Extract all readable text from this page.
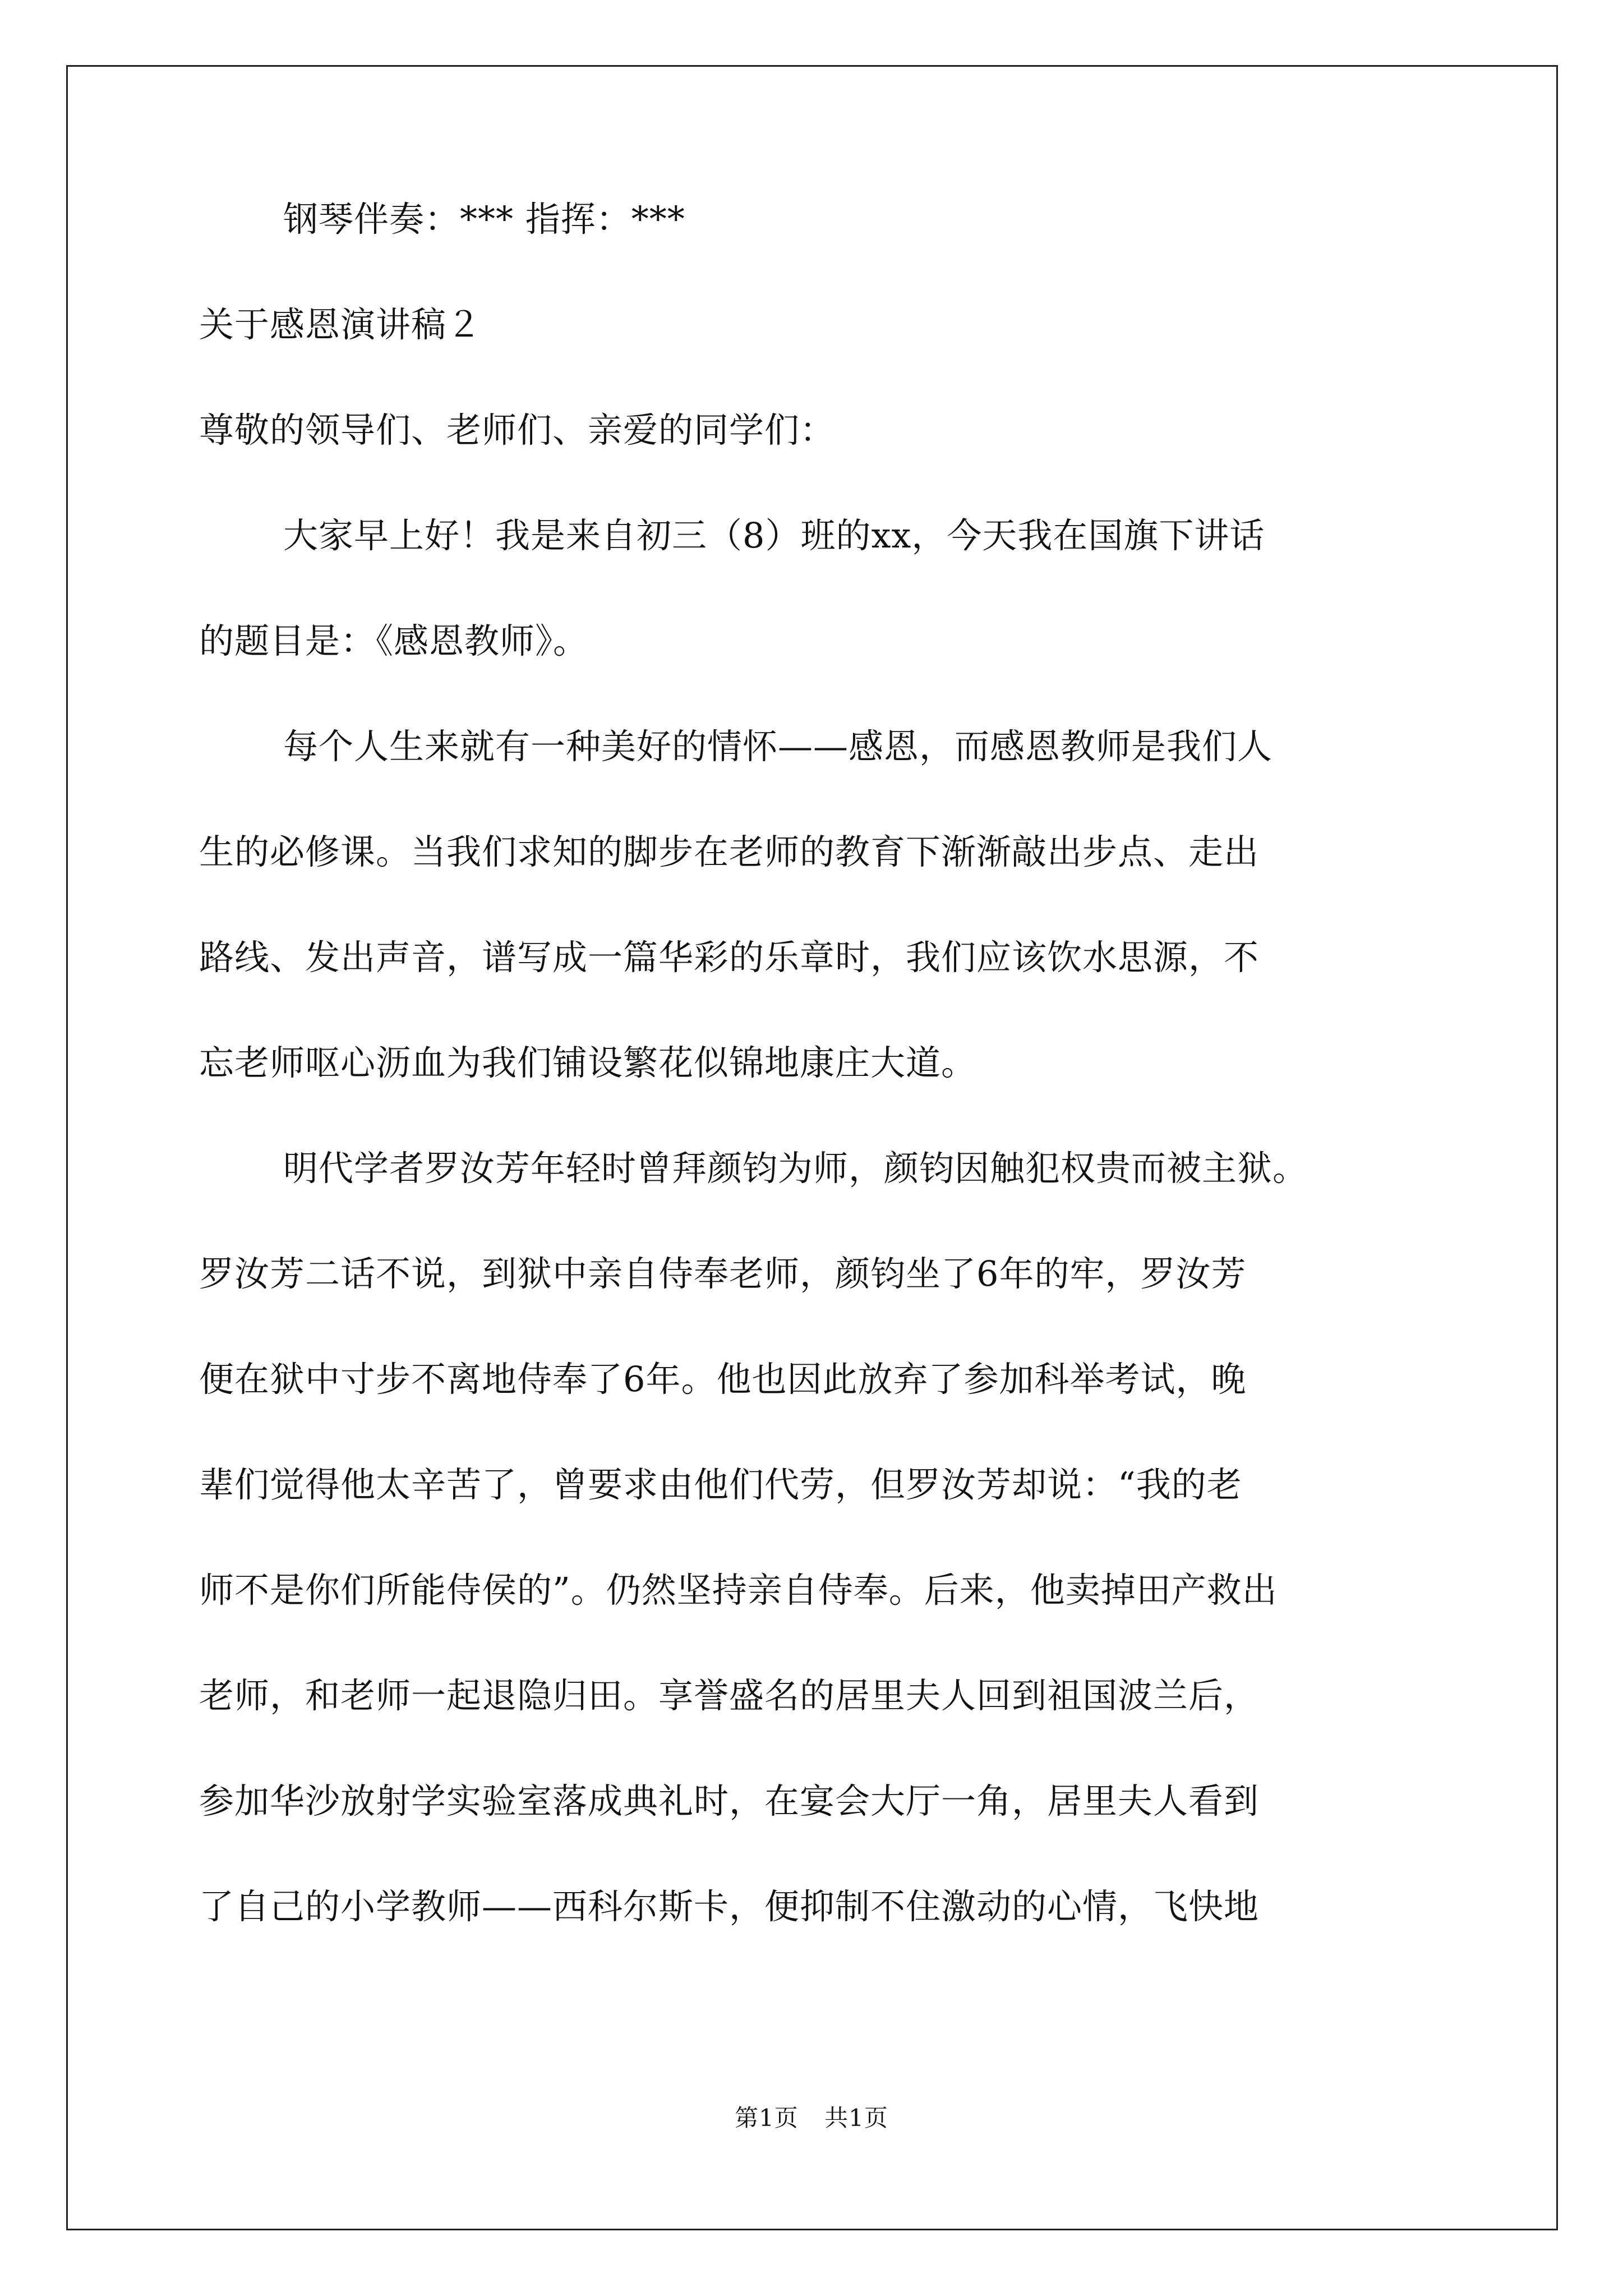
钢琴伴奏：*** 指挥：***

关于感恩演讲稿２

尊敬的领导们、老师们、亲爱的同学们：

大家早上好！我是来自初三（8）班的xx，今天我在国旗下讲话

的题目是：《感恩教师》。

每个人生来就有一种美好的情怀——感恩，而感恩教师是我们人

生的必修课。当我们求知的脚步在老师的教育下渐渐敲出步点、走出

路线、发出声音，谱写成一篇华彩的乐章时，我们应该饮水思源，不

忘老师呕心沥血为我们铺设繁花似锦地康庄大道。

明代学者罗汝芳年轻时曾拜颜钧为师，颜钧因触犯权贵而被主狱。

罗汝芳二话不说，到狱中亲自侍奉老师，颜钧坐了6年的牢，罗汝芳

便在狱中寸步不离地侍奉了6年。他也因此放弃了参加科举考试，晚

辈们觉得他太辛苦了，曾要求由他们代劳，但罗汝芳却说：“我的老

师不是你们所能侍侯的”。仍然坚持亲自侍奉。后来，他卖掉田产救出

老师，和老师一起退隐归田。享誉盛名的居里夫人回到祖国波兰后，

参加华沙放射学实验室落成典礼时，在宴会大厅一角，居里夫人看到

了自己的小学教师——西科尔斯卡，便抑制不住激动的心情，飞快地

第1页 共1页
